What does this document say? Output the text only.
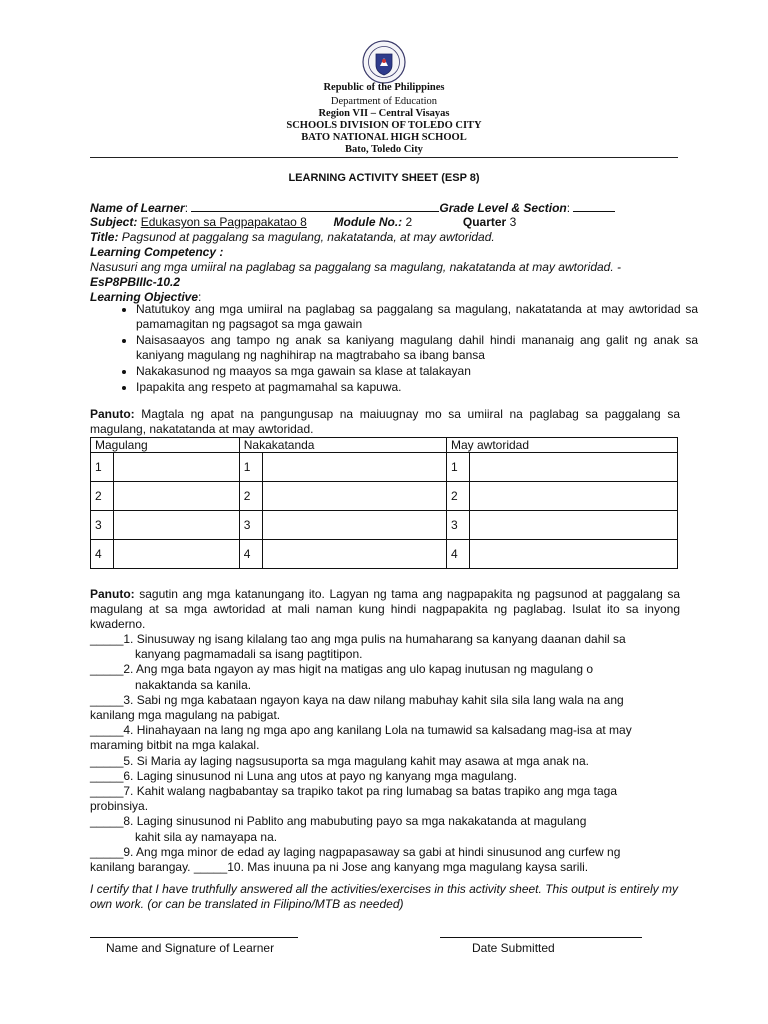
Republic of the Philippines
Department of Education
Region VII – Central Visayas
SCHOOLS DIVISION OF TOLEDO CITY
BATO NATIONAL HIGH SCHOOL
Bato, Toledo City
LEARNING ACTIVITY SHEET (ESP 8)
Name of Learner:	Grade Level & Section:
Subject: Edukasyon sa Pagpapakatao 8 Module No.: 2	Quarter 3
Title: Pagsunod at paggalang sa magulang, nakatatanda, at may awtoridad.
Learning Competency :
Nasusuri ang mga umiiral na paglabag sa paggalang sa magulang, nakatatanda at may awtoridad. -
EsP8PBIIIc-10.2
Learning Objective:
• Natutukoy ang mga umiiral na paglabag sa paggalang sa magulang, nakatatanda at may awtoridad sa pamamagitan ng pagsagot sa mga gawain
• Naisasaayos ang tampo ng anak sa kaniyang magulang dahil hindi mananaig ang galit ng anak sa kaniyang magulang ng naghihirap na magtrabaho sa ibang bansa
• Nakakasunod ng maayos sa mga gawain sa klase at talakayan
• Ipapakita ang respeto at pagmamahal sa kapuwa.
Panuto: Magtala ng apat na pangungusap na maiuugnay mo sa umiiral na paglabag sa paggalang sa magulang, nakatatanda at may awtoridad.
Magulang		Nakakatanda		May awtoridad	
1		1		1	
2		2		2	
3		3		3	
4		4		4	
Panuto: sagutin ang mga katanungang ito. Lagyan ng tama ang nagpapakita ng pagsunod at paggalang sa magulang at sa mga awtoridad at mali naman kung hindi nagpapakita ng paglabag. Isulat ito sa inyong kwaderno.
_____1. Sinusuway ng isang kilalang tao ang mga pulis na humaharang sa kanyang daanan dahil sa
kanyang pagmamadali sa isang pagtitipon.
_____2. Ang mga bata ngayon ay mas higit na matigas ang ulo kapag inutusan ng magulang o
nakaktanda sa kanila.
_____3. Sabi ng mga kabataan ngayon kaya na daw nilang mabuhay kahit sila sila lang wala na ang
kanilang mga magulang na pabigat.
_____4. Hinahayaan na lang ng mga apo ang kanilang Lola na tumawid sa kalsadang mag-isa at may
maraming bitbit na mga kalakal.
_____5. Si Maria ay laging nagsusuporta sa mga magulang kahit may asawa at mga anak na.
_____6. Laging sinusunod ni Luna ang utos at payo ng kanyang mga magulang.
_____7. Kahit walang nagbabantay sa trapiko takot pa ring lumabag sa batas trapiko ang mga taga
probinsiya.
_____8. Laging sinusunod ni Pablito ang mabubuting payo sa mga nakakatanda at magulang
kahit sila ay namayapa na.
_____9. Ang mga minor de edad ay laging nagpapasaway sa gabi at hindi sinusunod ang curfew ng
kanilang barangay. _____10. Mas inuuna pa ni Jose ang kanyang mga magulang kaysa sarili.
I certify that I have truthfully answered all the activities/exercises in this activity sheet. This output is entirely my own work. (or can be translated in Filipino/MTB as needed)
Name and Signature of Learner	Date Submitted
